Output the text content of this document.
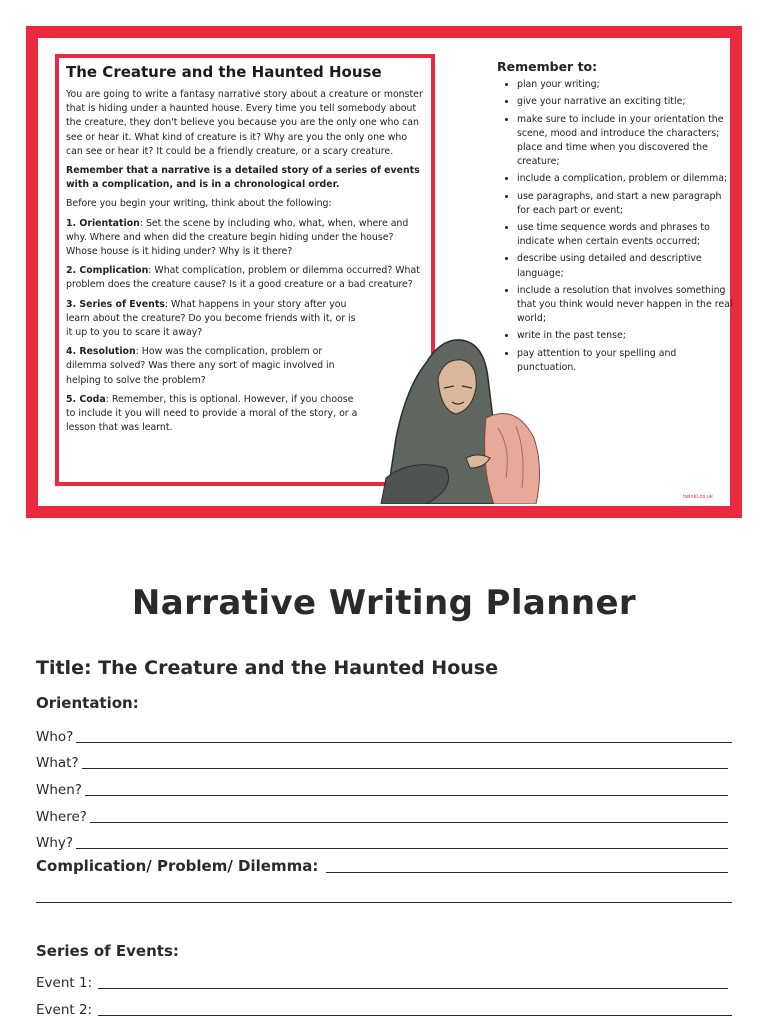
The Creature and the Haunted House

You are going to write a fantasy narrative story about a creature or monster that is hiding under a haunted house. Every time you tell somebody about the creature, they don't believe you because you are the only one who can see or hear it. What kind of creature is it? Why are you the only one who can see or hear it? It could be a friendly creature, or a scary creature.

Remember that a narrative is a detailed story of a series of events with a complication, and is in a chronological order.

Before you begin your writing, think about the following:

1. Orientation: Set the scene by including who, what, when, where and why. Where and when did the creature begin hiding under the house? Whose house is it hiding under? Why is it there?

2. Complication: What complication, problem or dilemma occurred? What problem does the creature cause? Is it a good creature or a bad creature?

3. Series of Events: What happens in your story after you learn about the creature? Do you become friends with it, or is it up to you to scare it away?

4. Resolution: How was the complication, problem or dilemma solved? Was there any sort of magic involved in helping to solve the problem?

5. Coda: Remember, this is optional. However, if you choose to include it you will need to provide a moral of the story, or a lesson that was learnt.

twinkl.co.uk
Remember to:
• plan your writing;
• give your narrative an exciting title;
• make sure to include in your orientation the scene, mood and introduce the characters; place and time when you discovered the creature;
• include a complication, problem or dilemma;
• use paragraphs, and start a new paragraph for each part or event;
• use time sequence words and phrases to indicate when certain events occurred;
• describe using detailed and descriptive language;
• include a resolution that involves something that you think would never happen in the real world;
• write in the past tense;
• pay attention to your spelling and punctuation.
Narrative Writing Planner
Title: The Creature and the Haunted House
Orientation:
Who?
What?
When?
Where?
Why?
Complication/ Problem/ Dilemma:
Series of Events:
Event 1:
Event 2:
